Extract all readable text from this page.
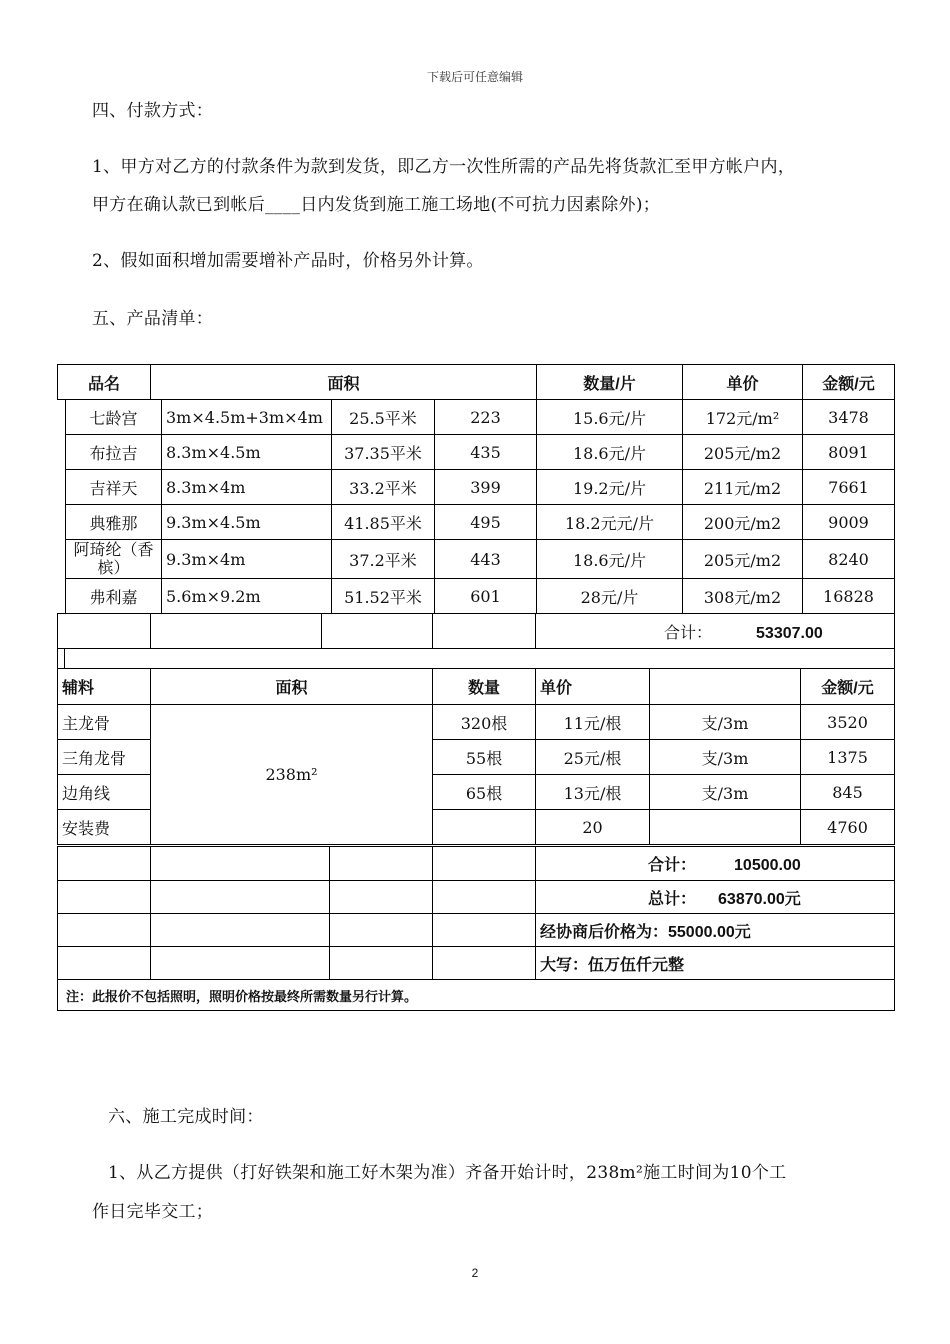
下载后可任意编辑
四、付款方式：
1、甲方对乙方的付款条件为款到发货，即乙方一次性所需的产品先将货款汇至甲方帐户内，
甲方在确认款已到帐后____日内发货到施工施工场地(不可抗力因素除外)；
2、假如面积增加需要增补产品时，价格另外计算。
五、产品清单：
品名	面积	数量/片	单价	金额/元
七龄宫	3m×4.5m+3m×4m	25.5平米	223	15.6元/片	172元/m²	3478
布拉吉	8.3m×4.5m	37.35平米	435	18.6元/片	205元/m2	8091
吉祥天	8.3m×4m	33.2平米	399	19.2元/片	211元/m2	7661
典雅那	9.3m×4.5m	41.85平米	495	18.2元元/片	200元/m2	9009
阿琦纶（香槟）	9.3m×4m	37.2平米	443	18.6元/片	205元/m2	8240
弗利嘉	5.6m×9.2m	51.52平米	601	28元/片	308元/m2	16828
				合计：	53307.00
辅料	面积	数量	单价		金额/元
主龙骨	238m²	320根	11元/根	支/3m	3520
三角龙骨		55根	25元/根	支/3m	1375
边角线		65根	13元/根	支/3m	845
安装费			20		4760
				合计： 10500.00
				总计： 63870.00元
				经协商后价格为：55000.00元
				大写：伍万伍仟元整
注：此报价不包括照明，照明价格按最终所需数量另行计算。				
六、施工完成时间：
1、从乙方提供（打好铁架和施工好木架为准）齐备开始计时，238m²施工时间为10个工
作日完毕交工；
2
